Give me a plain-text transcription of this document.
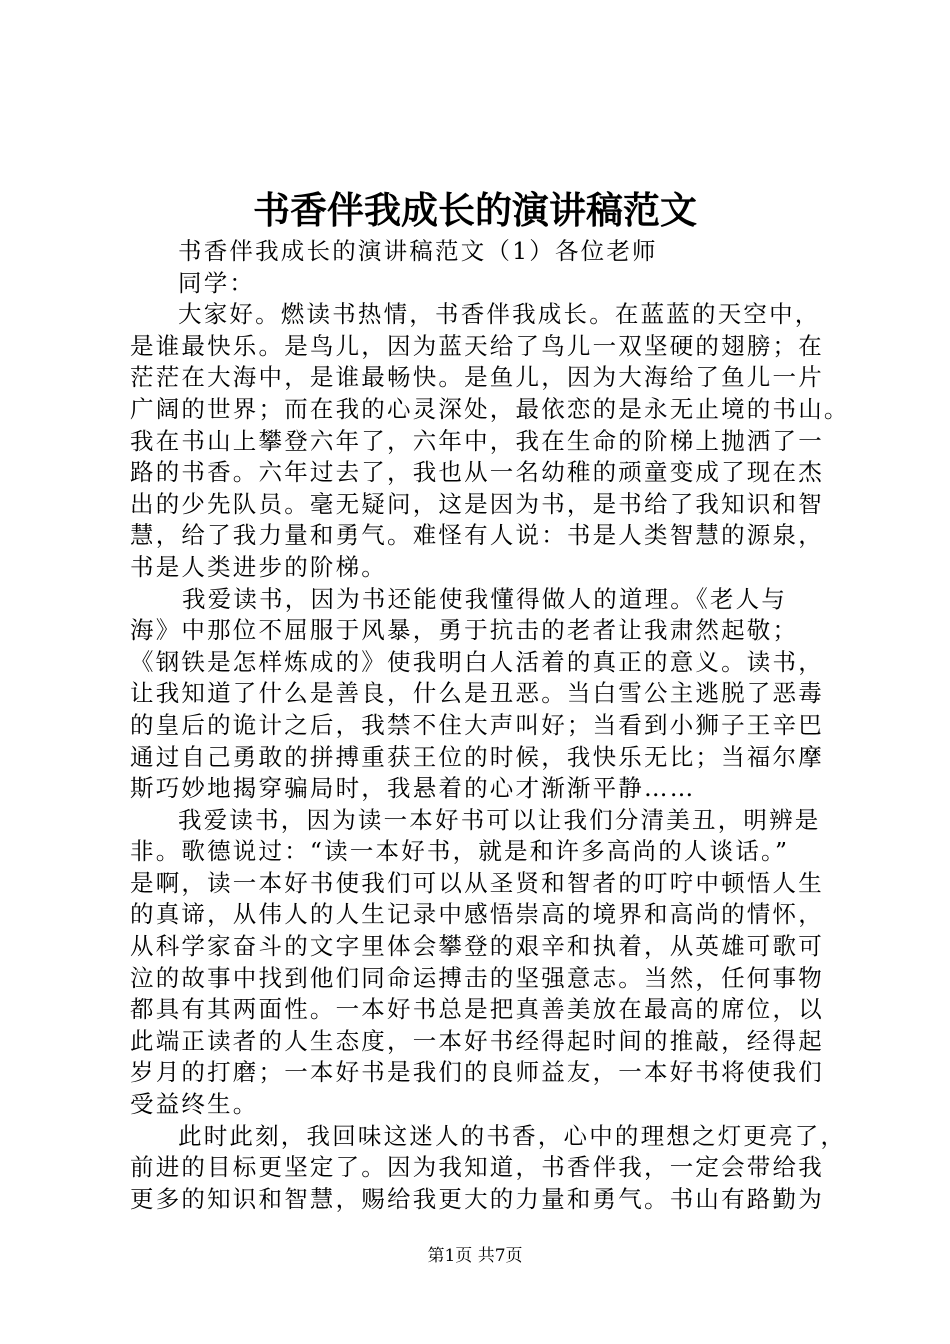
书香伴我成长的演讲稿范文
书香伴我成长的演讲稿范文（1）各位老师
同学：
大家好。燃读书热情，书香伴我成长。在蓝蓝的天空中，
是谁最快乐。是鸟儿，因为蓝天给了鸟儿一双坚硬的翅膀；在
茫茫在大海中，是谁最畅快。是鱼儿，因为大海给了鱼儿一片
广阔的世界；而在我的心灵深处，最依恋的是永无止境的书山。
我在书山上攀登六年了，六年中，我在生命的阶梯上抛洒了一
路的书香。六年过去了，我也从一名幼稚的顽童变成了现在杰
出的少先队员。毫无疑问，这是因为书，是书给了我知识和智
慧，给了我力量和勇气。难怪有人说：书是人类智慧的源泉，
书是人类进步的阶梯。
我爱读书，因为书还能使我懂得做人的道理。《老人与
海》中那位不屈服于风暴，勇于抗击的老者让我肃然起敬；
《钢铁是怎样炼成的》使我明白人活着的真正的意义。读书，
让我知道了什么是善良，什么是丑恶。当白雪公主逃脱了恶毒
的皇后的诡计之后，我禁不住大声叫好；当看到小狮子王辛巴
通过自己勇敢的拼搏重获王位的时候，我快乐无比；当福尔摩
斯巧妙地揭穿骗局时，我悬着的心才渐渐平静……
我爱读书，因为读一本好书可以让我们分清美丑，明辨是
非。歌德说过：“读一本好书，就是和许多高尚的人谈话。”
是啊，读一本好书使我们可以从圣贤和智者的叮咛中顿悟人生
的真谛，从伟人的人生记录中感悟崇高的境界和高尚的情怀，
从科学家奋斗的文字里体会攀登的艰辛和执着，从英雄可歌可
泣的故事中找到他们同命运搏击的坚强意志。当然，任何事物
都具有其两面性。一本好书总是把真善美放在最高的席位，以
此端正读者的人生态度，一本好书经得起时间的推敲，经得起
岁月的打磨；一本好书是我们的良师益友，一本好书将使我们
受益终生。
此时此刻，我回味这迷人的书香，心中的理想之灯更亮了，
前进的目标更坚定了。因为我知道，书香伴我，一定会带给我
更多的知识和智慧，赐给我更大的力量和勇气。书山有路勤为
第1页 共7页
